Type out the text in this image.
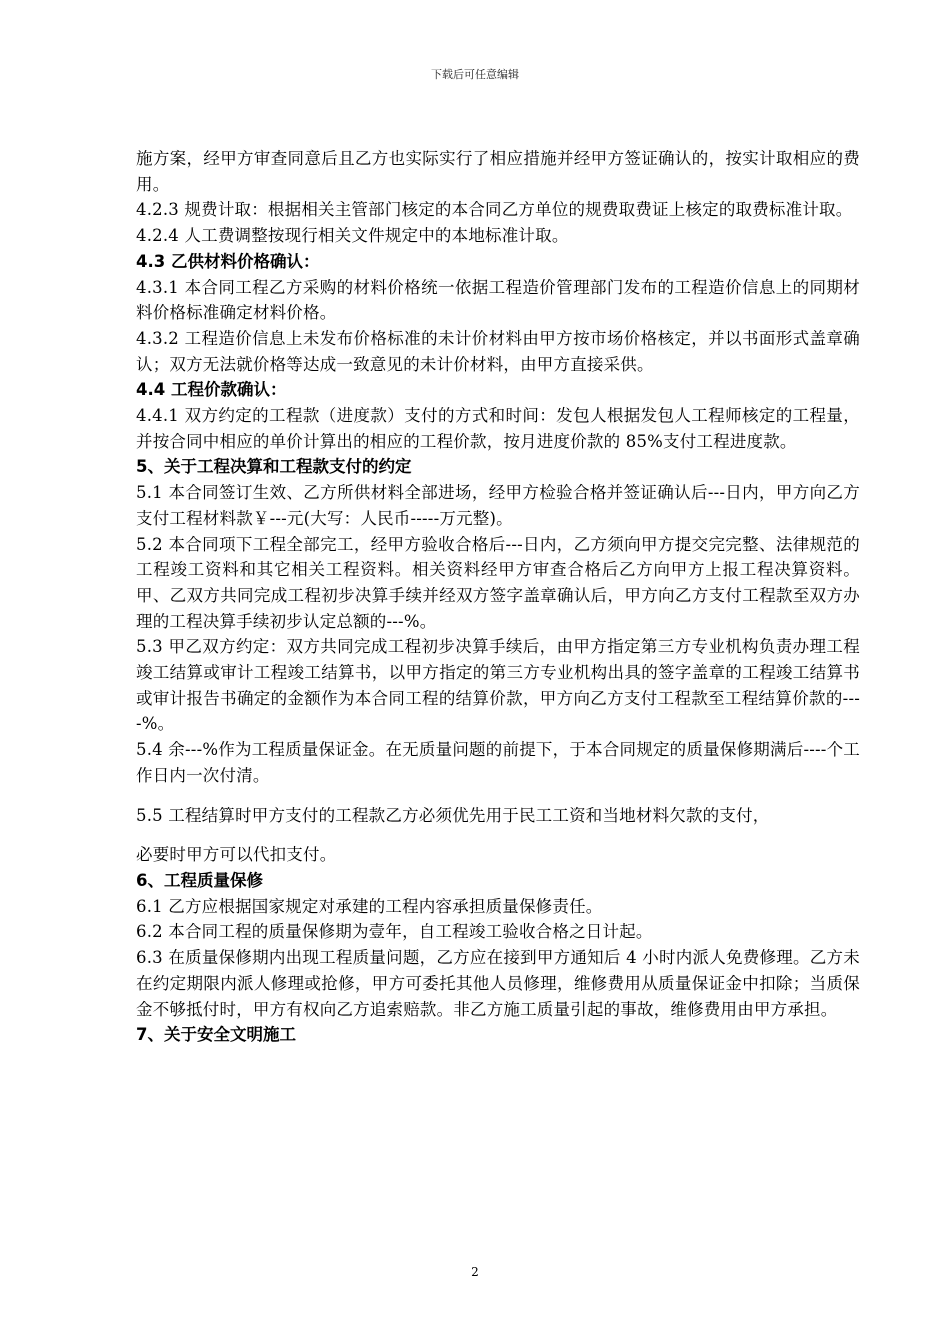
下载后可任意编辑

施方案，经甲方审查同意后且乙方也实际实行了相应措施并经甲方签证确认的，按实计取相应的费用。

4.2.3 规费计取：根据相关主管部门核定的本合同乙方单位的规费取费证上核定的取费标准计取。

4.2.4 人工费调整按现行相关文件规定中的本地标准计取。

4.3 乙供材料价格确认：

4.3.1 本合同工程乙方采购的材料价格统一依据工程造价管理部门发布的工程造价信息上的同期材料价格标准确定材料价格。

4.3.2 工程造价信息上未发布价格标准的未计价材料由甲方按市场价格核定，并以书面形式盖章确认；双方无法就价格等达成一致意见的未计价材料，由甲方直接采供。

4.4 工程价款确认：

4.4.1 双方约定的工程款（进度款）支付的方式和时间：发包人根据发包人工程师核定的工程量，并按合同中相应的单价计算出的相应的工程价款，按月进度价款的 85%支付工程进度款。

5、关于工程决算和工程款支付的约定

5.1 本合同签订生效、乙方所供材料全部进场，经甲方检验合格并签证确认后---日内，甲方向乙方支付工程材料款￥---元(大写：人民币-----万元整)。

5.2 本合同项下工程全部完工，经甲方验收合格后---日内，乙方须向甲方提交完完整、法律规范的工程竣工资料和其它相关工程资料。相关资料经甲方审查合格后乙方向甲方上报工程决算资料。甲、乙双方共同完成工程初步决算手续并经双方签字盖章确认后，甲方向乙方支付工程款至双方办理的工程决算手续初步认定总额的---%。

5.3 甲乙双方约定：双方共同完成工程初步决算手续后，由甲方指定第三方专业机构负责办理工程竣工结算或审计工程竣工结算书，以甲方指定的第三方专业机构出具的签字盖章的工程竣工结算书或审计报告书确定的金额作为本合同工程的结算价款，甲方向乙方支付工程款至工程结算价款的----%。

5.4 余---%作为工程质量保证金。在无质量问题的前提下，于本合同规定的质量保修期满后----个工作日内一次付清。

5.5 工程结算时甲方支付的工程款乙方必须优先用于民工工资和当地材料欠款的支付，

必要时甲方可以代扣支付。

6、工程质量保修

6.1 乙方应根据国家规定对承建的工程内容承担质量保修责任。

6.2 本合同工程的质量保修期为壹年，自工程竣工验收合格之日计起。

6.3 在质量保修期内出现工程质量问题，乙方应在接到甲方通知后 4 小时内派人免费修理。乙方未在约定期限内派人修理或抢修，甲方可委托其他人员修理，维修费用从质量保证金中扣除；当质保金不够抵付时，甲方有权向乙方追索赔款。非乙方施工质量引起的事故，维修费用由甲方承担。

7、关于安全文明施工

2
